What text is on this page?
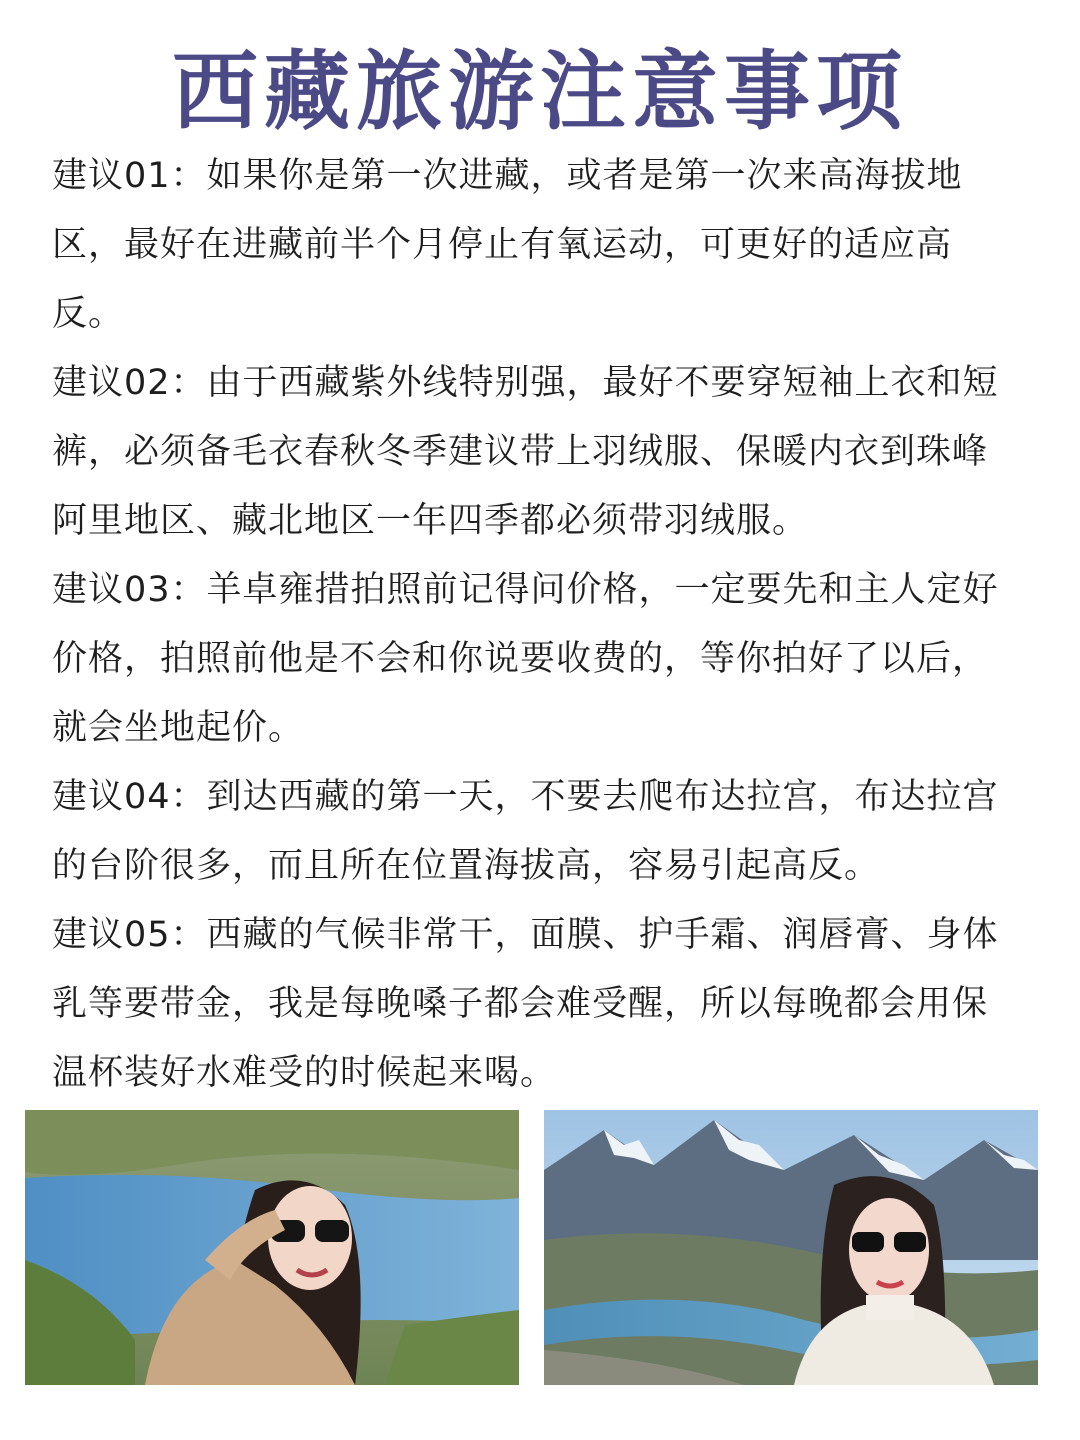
西藏旅游注意事项

建议01：如果你是第一次进藏，或者是第一次来高海拔地区，最好在进藏前半个月停止有氧运动，可更好的适应高反。

建议02：由于西藏紫外线特别强，最好不要穿短袖上衣和短裤，必须备毛衣春秋冬季建议带上羽绒服、保暖内衣到珠峰阿里地区、藏北地区一年四季都必须带羽绒服。

建议03：羊卓雍措拍照前记得问价格，一定要先和主人定好价格，拍照前他是不会和你说要收费的，等你拍好了以后，就会坐地起价。

建议04：到达西藏的第一天，不要去爬布达拉宫，布达拉宫的台阶很多，而且所在位置海拔高，容易引起高反。

建议05：西藏的气候非常干，面膜、护手霜、润唇膏、身体乳等要带金，我是每晚嗓子都会难受醒，所以每晚都会用保温杯装好水难受的时候起来喝。
